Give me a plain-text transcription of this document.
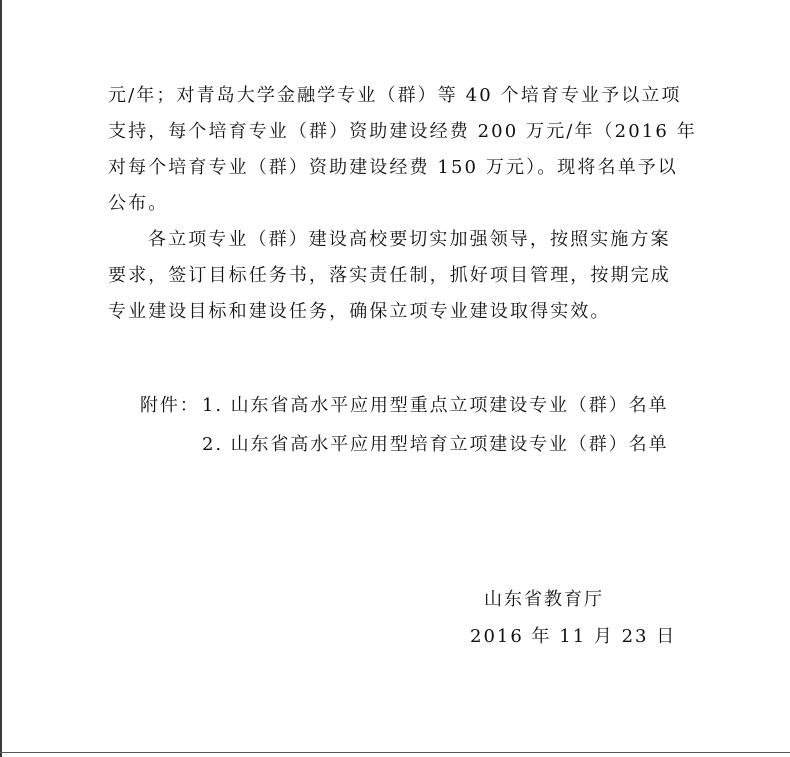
元/年；对青岛大学金融学专业（群）等 40 个培育专业予以立项
支持，每个培育专业（群）资助建设经费 200 万元/年（2016 年
对每个培育专业（群）资助建设经费 150 万元）。现将名单予以
公布。
各立项专业（群）建设高校要切实加强领导，按照实施方案
要求，签订目标任务书，落实责任制，抓好项目管理，按期完成
专业建设目标和建设任务，确保立项专业建设取得实效。
附件： 1. 山东省高水平应用型重点立项建设专业（群）名单
2. 山东省高水平应用型培育立项建设专业（群）名单
山东省教育厅
2016 年 11 月 23 日
